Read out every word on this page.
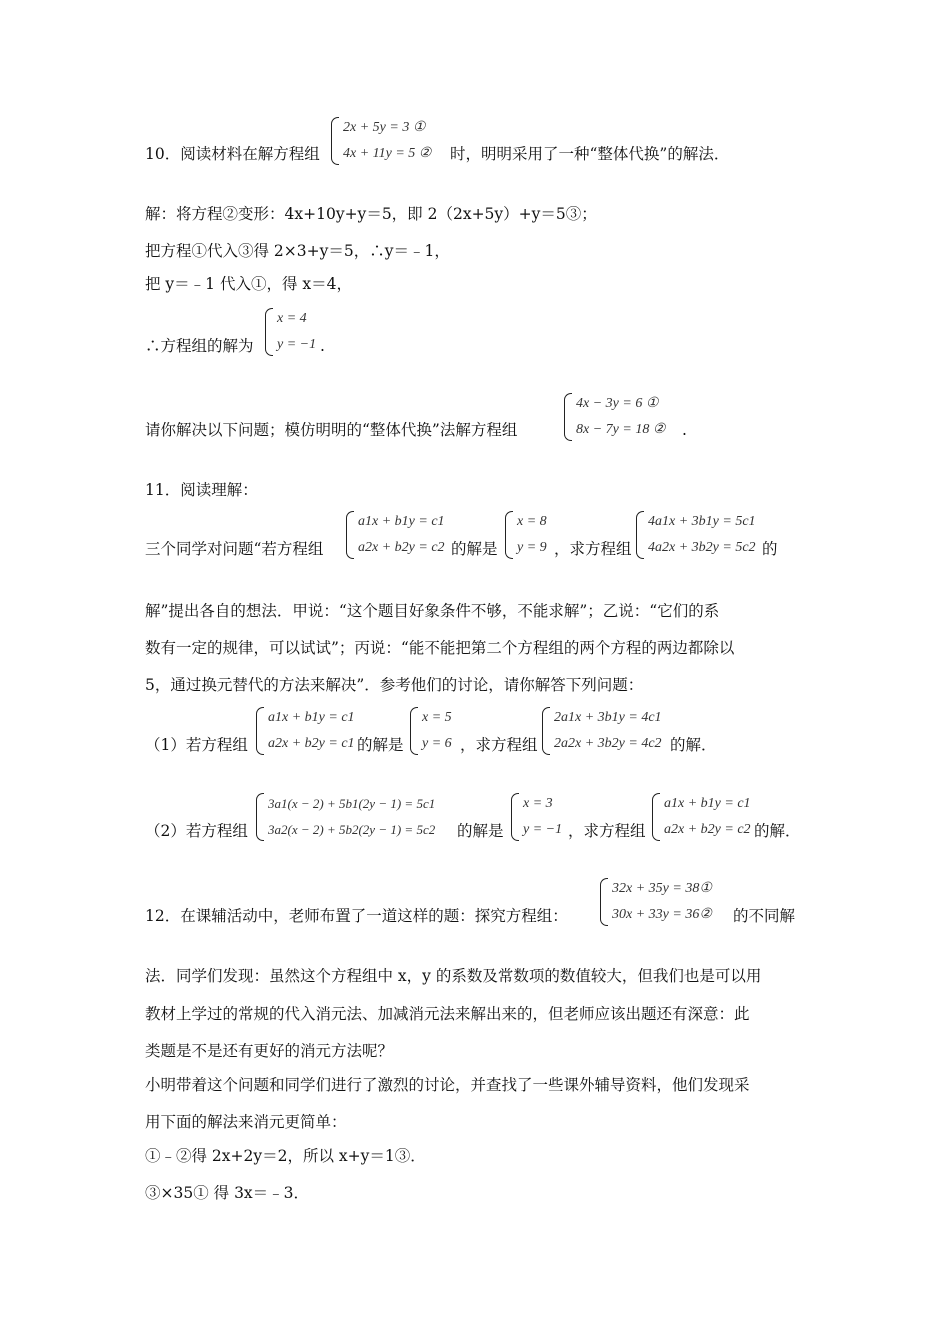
2x + 5y = 3 ①
4x + 11y = 5 ②
10．阅读材料在解方程组	时，明明采用了一种“整体代换”的解法．
解：将方程②变形：4x+10y+y＝5，即 2（2x+5y）+y＝5③；
把方程①代入③得 2×3+y＝5，∴y＝﹣1，
把 y＝﹣1 代入①，得 x＝4，
∴方程组的解为
x = 4
y = −1 .
请你解决以下问题；模仿明明的“整体代换”法解方程组
4x − 3y = 6 ①
8x − 7y = 18 ② .
11．阅读理解：
三个同学对问题“若方程组
a1x + b1y = c1
a2x + b2y = c2 的解是
x = 8
y = 9 ，求方程组
4a1x + 3b1y = 5c1
4a2x + 3b2y = 5c2 的
解”提出各自的想法．甲说：“这个题目好象条件不够，不能求解”；乙说：“它们的系
数有一定的规律，可以试试”；丙说：“能不能把第二个方程组的两个方程的两边都除以
5，通过换元替代的方法来解决”．参考他们的讨论，请你解答下列问题：
（1）若方程组
a1x + b1y = c1
a2x + b2y = c1 的解是
x = 5
y = 6 ，求方程组
2a1x + 3b1y = 4c1
2a2x + 3b2y = 4c2 的解．
（2）若方程组
3a1(x − 2) + 5b1(2y − 1) = 5c1
3a2(x − 2) + 5b2(2y − 1) = 5c2 的解是
x = 3
y = −1 ，求方程组
a1x + b1y = c1
a2x + b2y = c2 的解．
12．在课辅活动中，老师布置了一道这样的题：探究方程组：
32x + 35y = 38①
30x + 33y = 36② 的不同解
法．同学们发现：虽然这个方程组中 x，y 的系数及常数项的数值较大，但我们也是可以用
教材上学过的常规的代入消元法、加减消元法来解出来的，但老师应该出题还有深意：此
类题是不是还有更好的消元方法呢？
小明带着这个问题和同学们进行了激烈的讨论，并查找了一些课外辅导资料，他们发现采
用下面的解法来消元更简单：
①﹣②得 2x+2y＝2，所以 x+y＝1③．
③×35① 得 3x＝﹣3．
